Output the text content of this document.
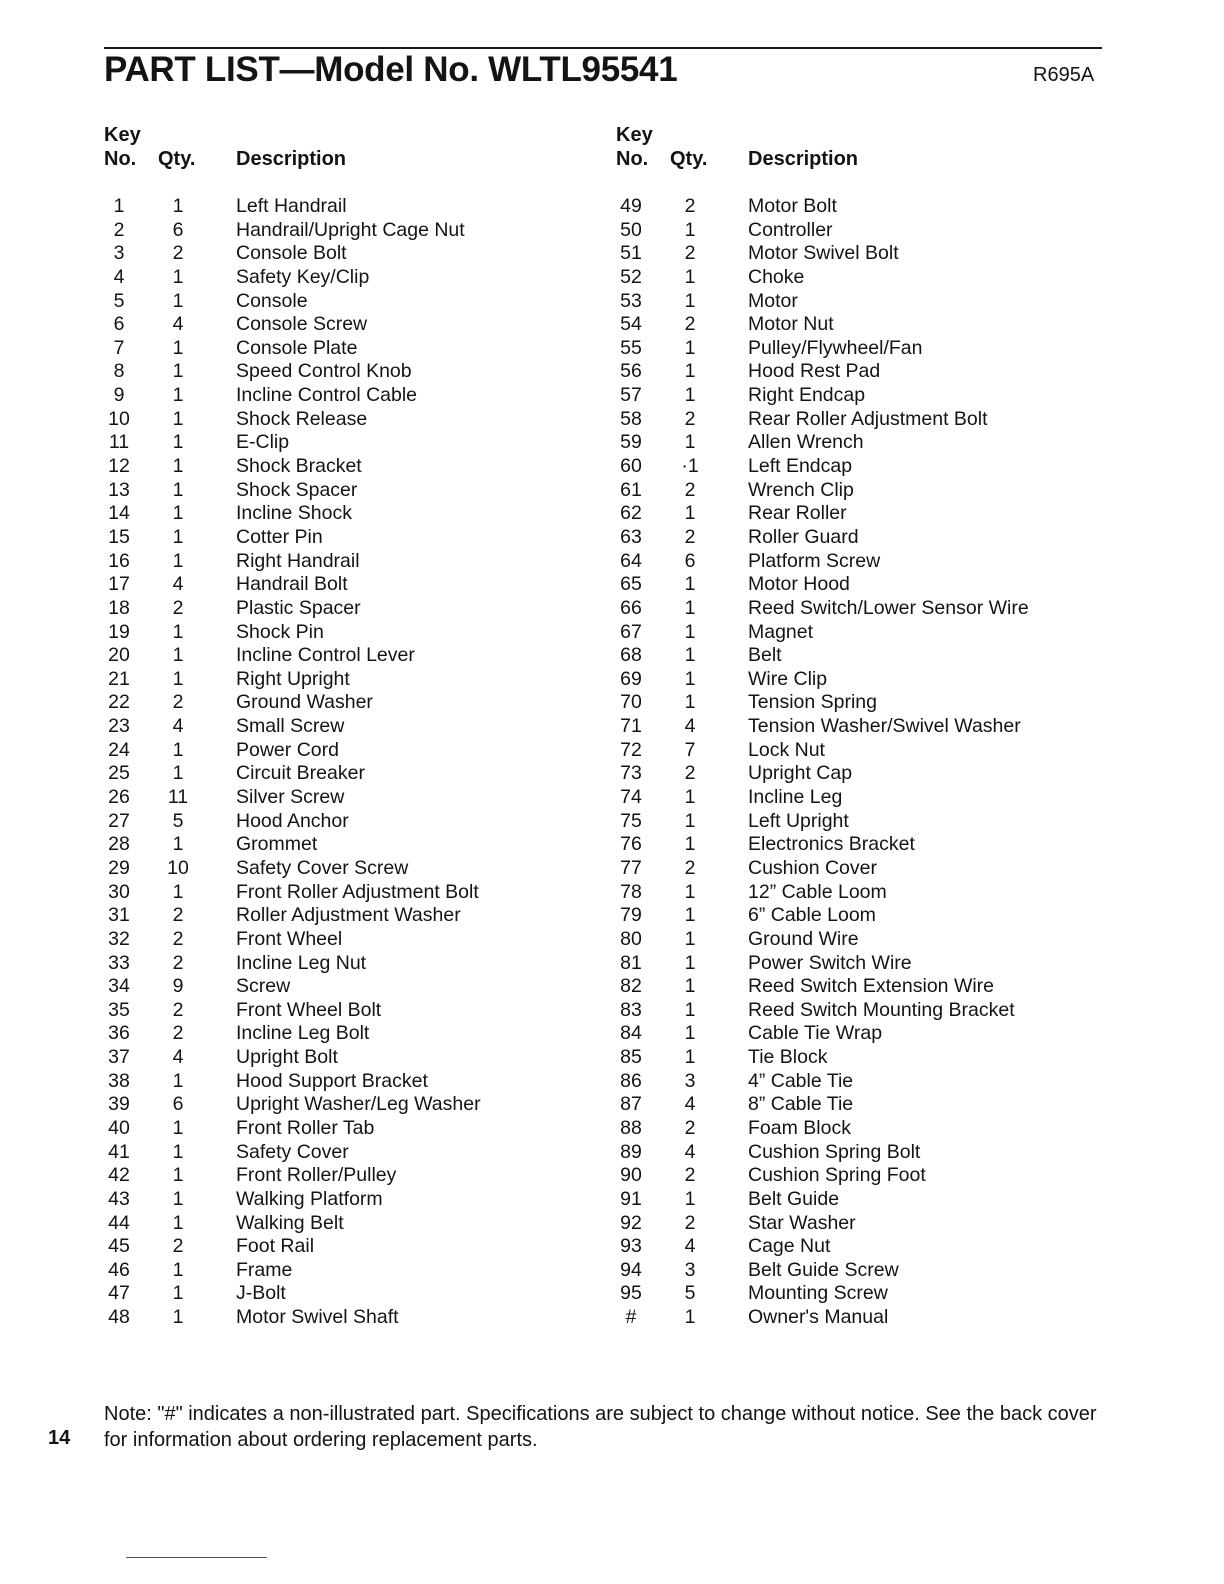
PART LIST—Model No. WLTL95541	R695A
Key
No. Qty. Description
1	1	Left Handrail
2	6	Handrail/Upright Cage Nut
3	2	Console Bolt
4	1	Safety Key/Clip
5	1	Console
6	4	Console Screw
7	1	Console Plate
8	1	Speed Control Knob
9	1	Incline Control Cable
10	1	Shock Release
11	1	E-Clip
12	1	Shock Bracket
13	1	Shock Spacer
14	1	Incline Shock
15	1	Cotter Pin
16	1	Right Handrail
17	4	Handrail Bolt
18	2	Plastic Spacer
19	1	Shock Pin
20	1	Incline Control Lever
21	1	Right Upright
22	2	Ground Washer
23	4	Small Screw
24	1	Power Cord
25	1	Circuit Breaker
26 11 Silver Screw
27	5	Hood Anchor
28	1	Grommet
29 10 Safety Cover Screw
30	1	Front Roller Adjustment Bolt
31	2	Roller Adjustment Washer
32	2	Front Wheel
33	2	Incline Leg Nut
34	9	Screw
35	2	Front Wheel Bolt
36	2	Incline Leg Bolt
37	4	Upright Bolt
38	1	Hood Support Bracket
39	6	Upright Washer/Leg Washer
40	1	Front Roller Tab
41	1	Safety Cover
42	1	Front Roller/Pulley
43	1	Walking Platform
44	1	Walking Belt
45	2	Foot Rail
46	1	Frame
47	1	J-Bolt
48	1	Motor Swivel Shaft
Key
No. Qty. Description
49	2	Motor Bolt
50	1	Controller
51	2	Motor Swivel Bolt
52	1	Choke
53	1	Motor
54	2	Motor Nut
55	1	Pulley/Flywheel/Fan
56	1	Hood Rest Pad
57	1	Right Endcap
58	2	Rear Roller Adjustment Bolt
59	1	Allen Wrench
60 ·1	Left Endcap
61	2	Wrench Clip
62	1	Rear Roller
63	2	Roller Guard
64	6	Platform Screw
65	1	Motor Hood
66	1	Reed Switch/Lower Sensor Wire
67	1	Magnet
68	1	Belt
69	1	Wire Clip
70	1	Tension Spring
71	4	Tension Washer/Swivel Washer
72	7	Lock Nut
73	2	Upright Cap
74	1	Incline Leg
75	1	Left Upright
76	1	Electronics Bracket
77	2	Cushion Cover
78	1	12” Cable Loom
79	1	6” Cable Loom
80	1	Ground Wire
81	1	Power Switch Wire
82	1	Reed Switch Extension Wire
83	1	Reed Switch Mounting Bracket
84	1	Cable Tie Wrap
85	1	Tie Block
86	3	4” Cable Tie
87	4	8” Cable Tie
88	2	Foam Block
89	4	Cushion Spring Bolt
90	2	Cushion Spring Foot
91	1	Belt Guide
92	2	Star Washer
93	4	Cage Nut
94	3	Belt Guide Screw
95	5	Mounting Screw
#	1	Owner's Manual
Note: "#" indicates a non-illustrated part. Specifications are subject to change without notice. See the back cover for information about ordering replacement parts.
14
